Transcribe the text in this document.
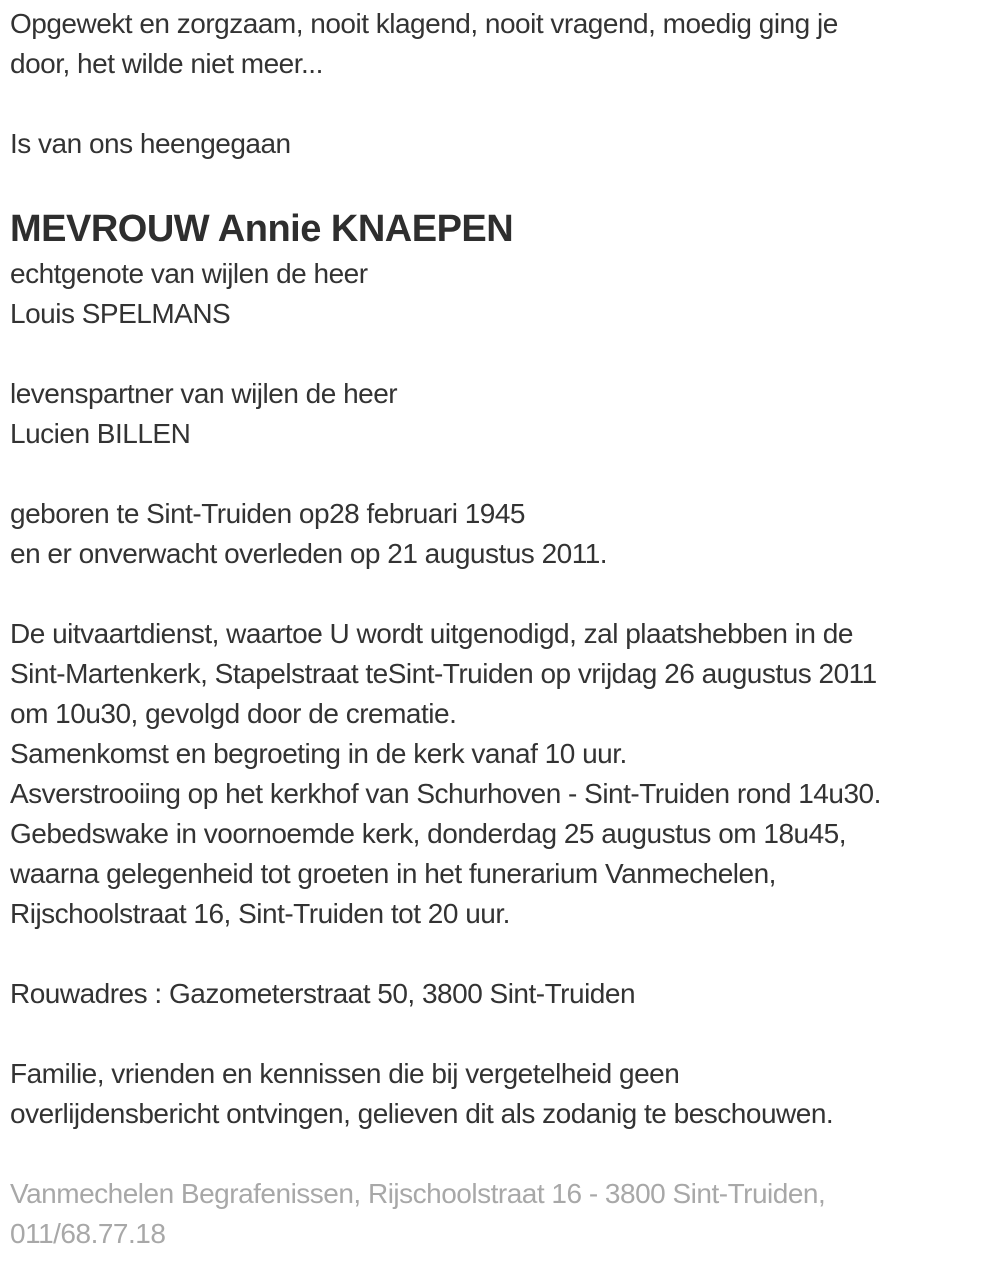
Opgewekt en zorgzaam, nooit klagend, nooit vragend, moedig ging je
door, het wilde niet meer...
Is van ons heengegaan
MEVROUW Annie KNAEPEN
echtgenote van wijlen de heer
Louis SPELMANS
levenspartner van wijlen de heer
Lucien BILLEN
geboren te Sint-Truiden op28 februari 1945
en er onverwacht overleden op 21 augustus 2011.
De uitvaartdienst, waartoe U wordt uitgenodigd, zal plaatshebben in de
Sint-Martenkerk, Stapelstraat teSint-Truiden op vrijdag 26 augustus 2011
om 10u30, gevolgd door de crematie.
Samenkomst en begroeting in de kerk vanaf 10 uur.
Asverstrooiing op het kerkhof van Schurhoven - Sint-Truiden rond 14u30.
Gebedswake in voornoemde kerk, donderdag 25 augustus om 18u45,
waarna gelegenheid tot groeten in het funerarium Vanmechelen,
Rijschoolstraat 16, Sint-Truiden tot 20 uur.
Rouwadres : Gazometerstraat 50, 3800 Sint-Truiden
Familie, vrienden en kennissen die bij vergetelheid geen
overlijdensbericht ontvingen, gelieven dit als zodanig te beschouwen.
Vanmechelen Begrafenissen, Rijschoolstraat 16 - 3800 Sint-Truiden,
011/68.77.18
